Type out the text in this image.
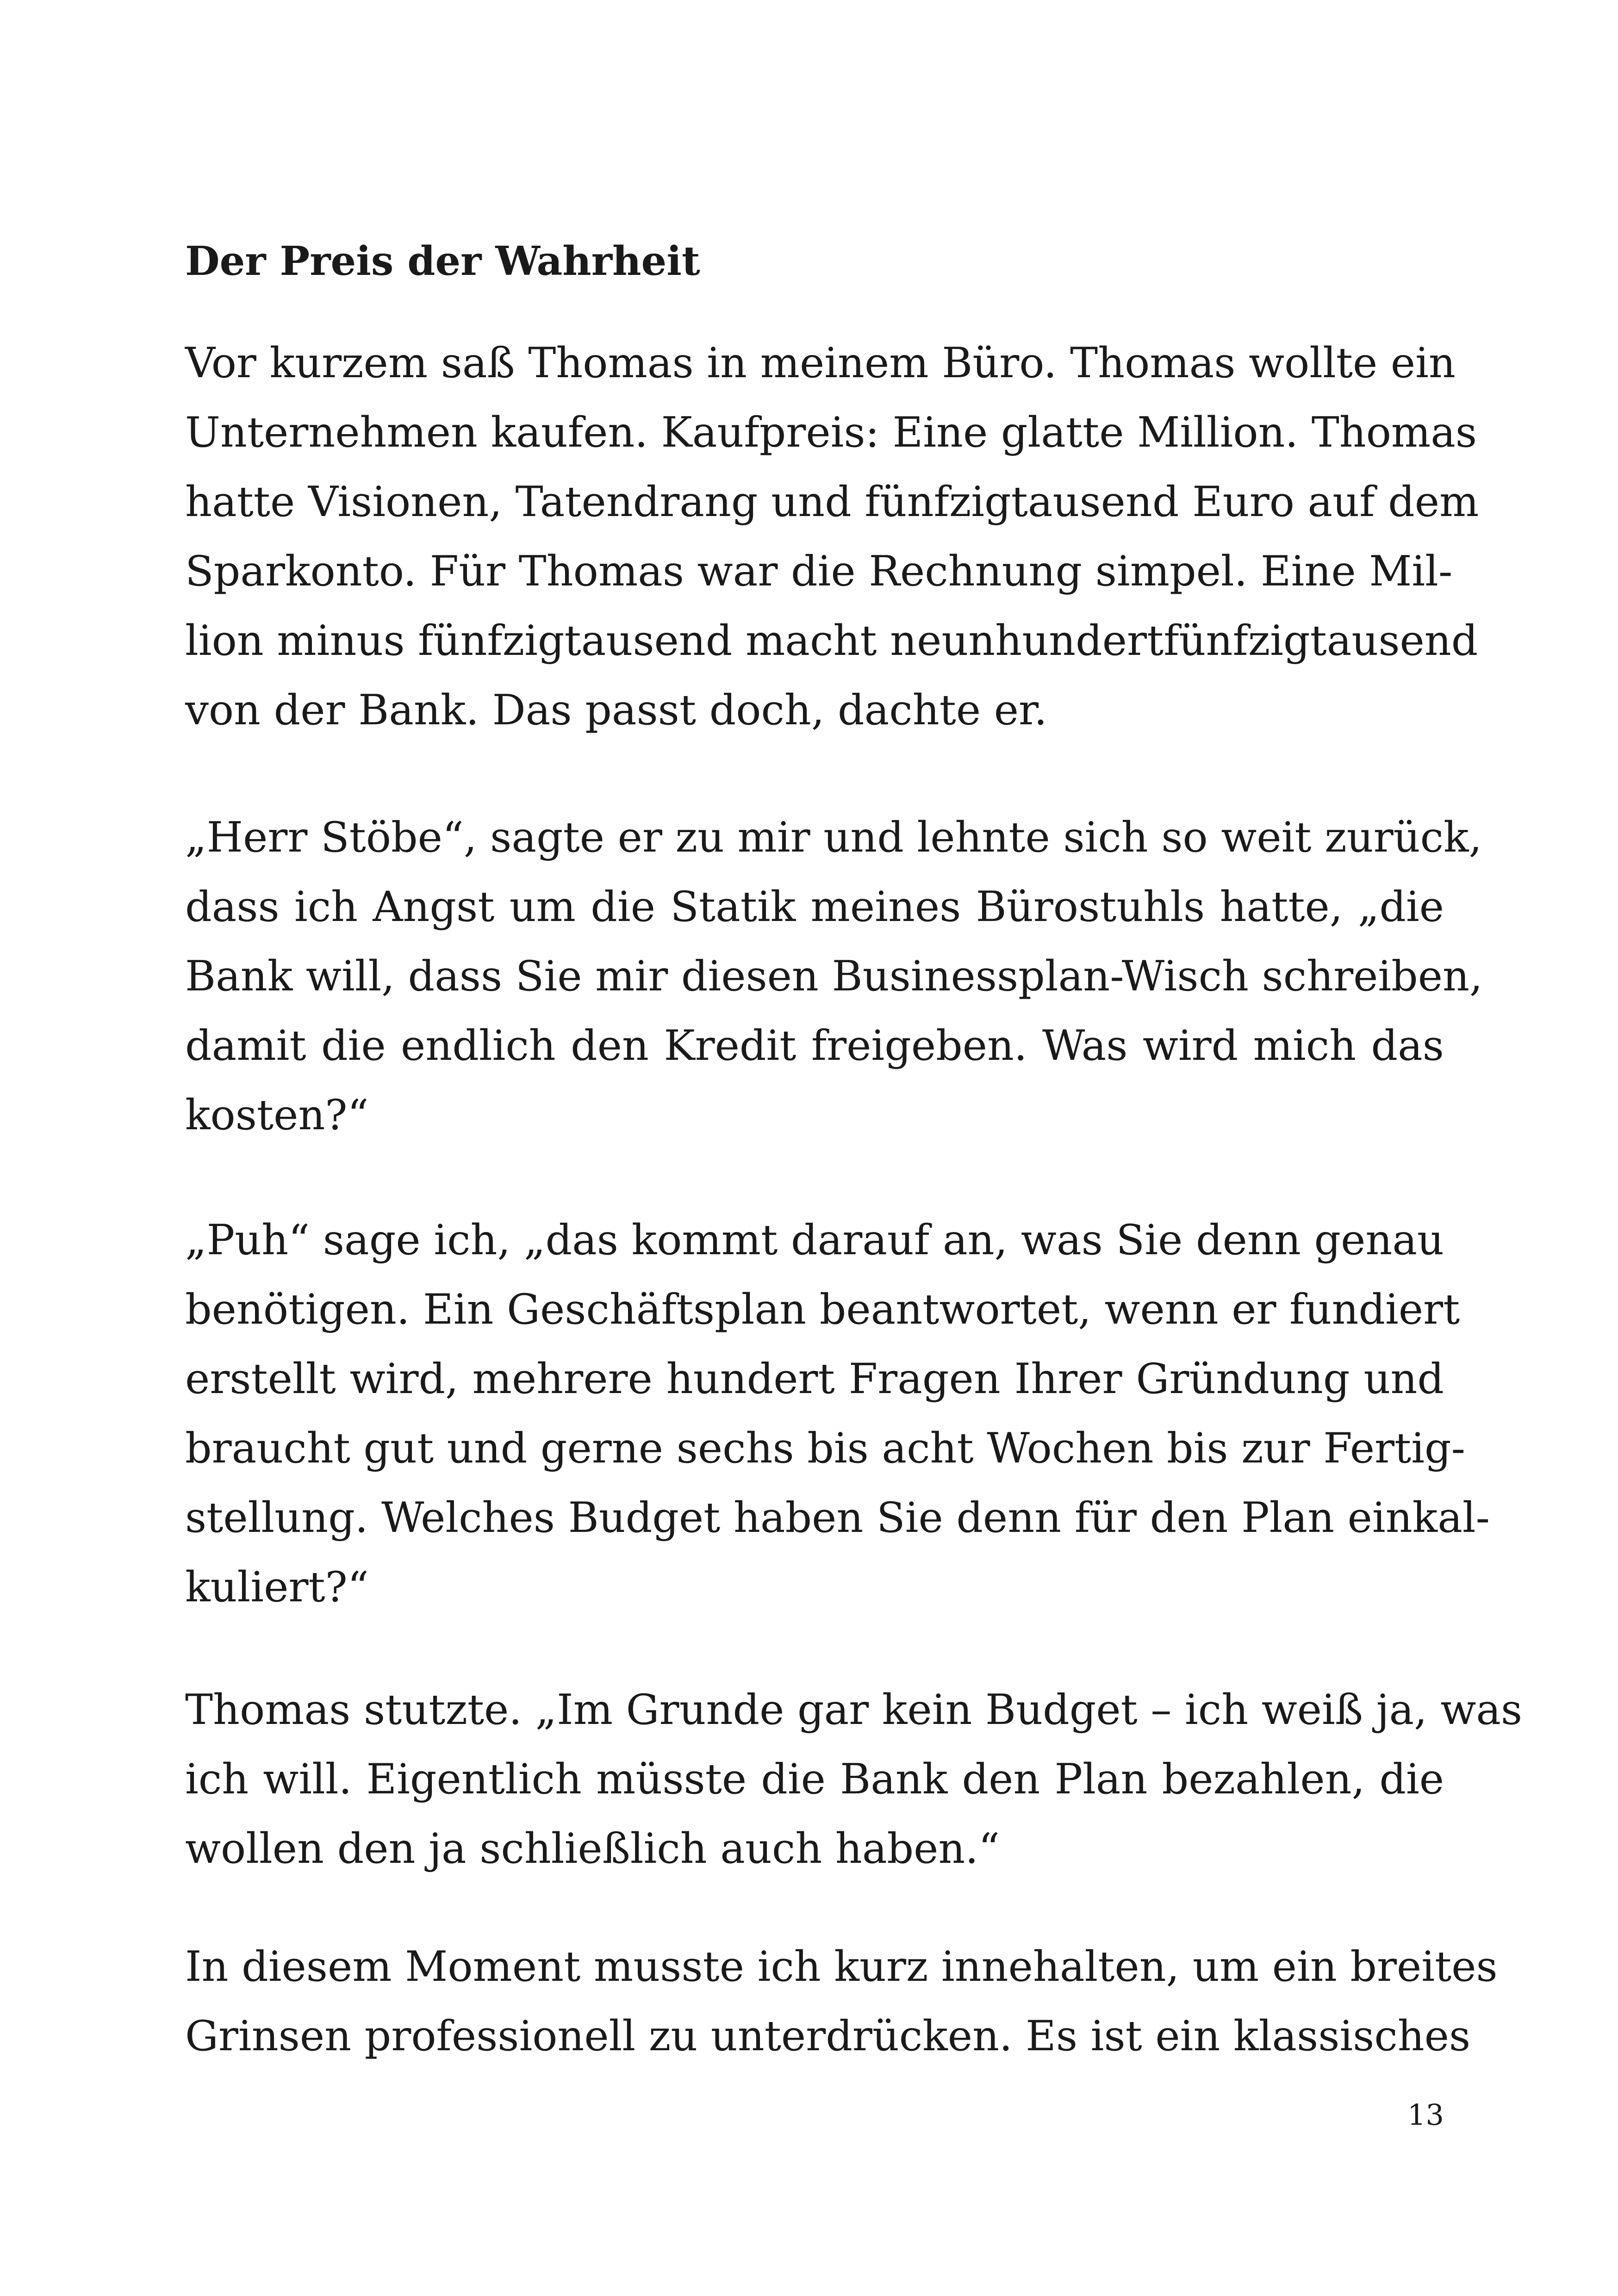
Der Preis der Wahrheit

Vor kurzem saß Thomas in meinem Büro. Thomas wollte ein
Unternehmen kaufen. Kaufpreis: Eine glatte Million. Thomas
hatte Visionen, Tatendrang und fünfzigtausend Euro auf dem
Sparkonto. Für Thomas war die Rechnung simpel. Eine Mil-
lion minus fünfzigtausend macht neunhundertfünfzigtausend
von der Bank. Das passt doch, dachte er.

„Herr Stöbe“, sagte er zu mir und lehnte sich so weit zurück,
dass ich Angst um die Statik meines Bürostuhls hatte, „die
Bank will, dass Sie mir diesen Businessplan-Wisch schreiben,
damit die endlich den Kredit freigeben. Was wird mich das
kosten?“

„Puh“ sage ich, „das kommt darauf an, was Sie denn genau
benötigen. Ein Geschäftsplan beantwortet, wenn er fundiert
erstellt wird, mehrere hundert Fragen Ihrer Gründung und
braucht gut und gerne sechs bis acht Wochen bis zur Fertig-
stellung. Welches Budget haben Sie denn für den Plan einkal-
kuliert?“

Thomas stutzte. „Im Grunde gar kein Budget – ich weiß ja, was
ich will. Eigentlich müsste die Bank den Plan bezahlen, die
wollen den ja schließlich auch haben.“

In diesem Moment musste ich kurz innehalten, um ein breites
Grinsen professionell zu unterdrücken. Es ist ein klassisches

13
